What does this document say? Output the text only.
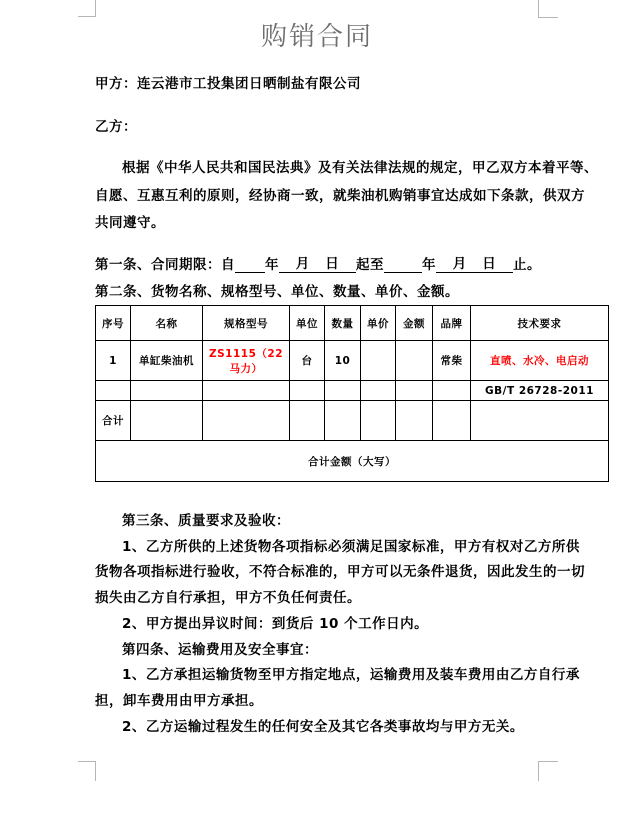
购销合同
甲方：连云港市工投集团日晒制盐有限公司
乙方：
根据《中华人民共和国民法典》及有关法律法规的规定，甲乙双方本着平等、
自愿、互惠互利的原则，经协商一致，就柴油机购销事宜达成如下条款，供双方
共同遵守。
第一条、合同期限：自 年 月   日 起至	年 月   日 止。
第二条、货物名称、规格型号、单位、数量、单价、金额。
序号	名称	规格型号	单位	数量	单价	金额	品牌	技术要求
1	单缸柴油机	ZS1115（22马力）	台	10			常柴	直喷、水冷、电启动
								GB/T 26728-2011
合计								
合计金额（大写）								
第三条、质量要求及验收：
1、乙方所供的上述货物各项指标必须满足国家标准，甲方有权对乙方所供
货物各项指标进行验收，不符合标准的，甲方可以无条件退货，因此发生的一切
损失由乙方自行承担，甲方不负任何责任。
2、甲方提出异议时间：到货后 10 个工作日内。
第四条、运输费用及安全事宜：
1、乙方承担运输货物至甲方指定地点，运输费用及装车费用由乙方自行承
担，卸车费用由甲方承担。
2、乙方运输过程发生的任何安全及其它各类事故均与甲方无关。
